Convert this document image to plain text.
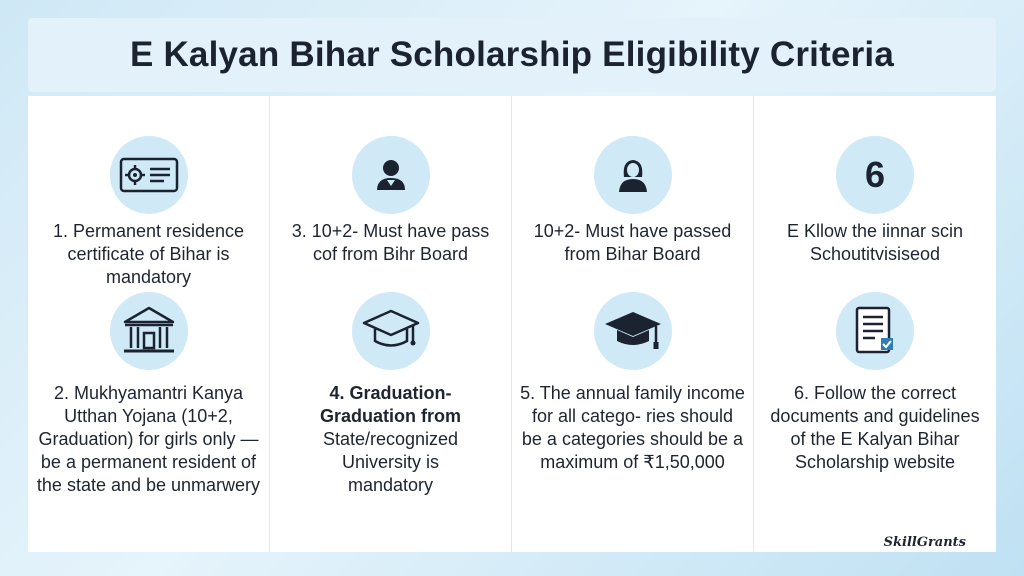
E Kalyan Bihar Scholarship Eligibility Criteria
1. Permanent residence certificate of Bihar is mandatory
2. Mukhyamantri Kanya Utthan Yojana (10+2, Graduation) for girls only — be a permanent resident of the state and be unmarwery
3. 10+2- Must have pass cof from Bihr Board
4. Graduation-
Graduation from
State/recognized
University is
mandatory
10+2- Must have passed from Bihar Board
5. The annual family income for all catego- ries should be a categories should be a maximum of ₹1,50,000
6
E Kllow the iinnar scin Schoutitvisiseod
6. Follow the correct documents and guidelines of the E Kalyan Bihar Scholarship website
SkillGrants
